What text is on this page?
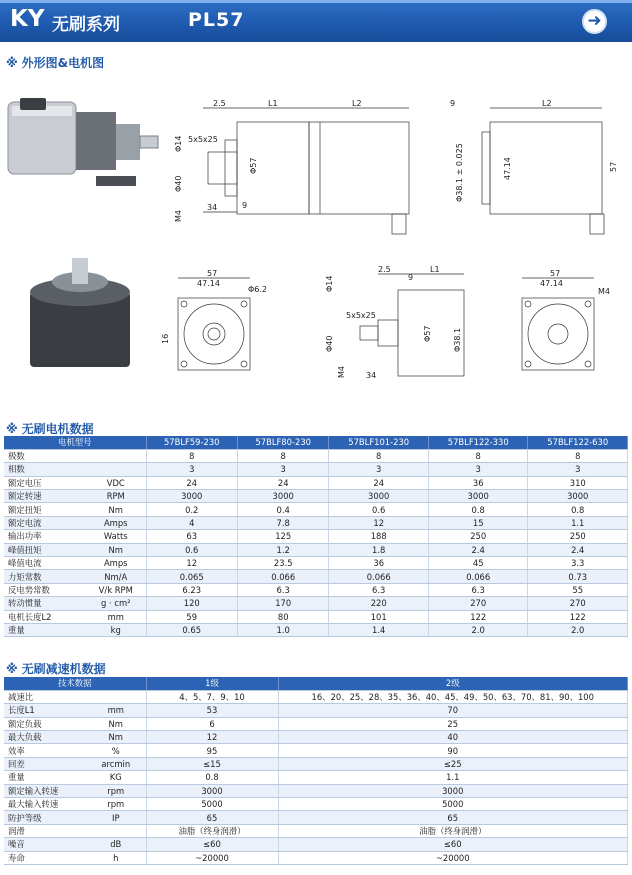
KY 无刷系列	PL57	➜
※ 外形图&电机图
2.5	L1	L2
9
5x5x25
Φ57
Φ14
Φ40
M4
34
9	L2
Φ38.1 ± 0.025	47.14	57
57
47.14
Φ6.2
16
2.5	L1
9
5x5x25
Φ57	Φ38.1
Φ14
Φ40
M4	34
57
47.14
M4
※ 无刷电机数据
电机型号		57BLF59-230	57BLF80-230	57BLF101-230	57BLF122-330	57BLF122-630
极数		8	8	8	8	8
相数		3	3	3	3	3
额定电压	VDC	24	24	24	36	310
额定转速	RPM	3000	3000	3000	3000	3000
额定扭矩	Nm	0.2	0.4	0.6	0.8	0.8
额定电流	Amps	4	7.8	12	15	1.1
输出功率	Watts	63	125	188	250	250
峰值扭矩	Nm	0.6	1.2	1.8	2.4	2.4
峰值电流	Amps	12	23.5	36	45	3.3
力矩常数	Nm/A	0.065	0.066	0.066	0.066	0.73
反电势常数	V/k RPM	6.23	6.3	6.3	6.3	55
转动惯量	g · cm²	120	170	220	270	270
电机长度L2	mm	59	80	101	122	122
重量	kg	0.65	1.0	1.4	2.0	2.0
※ 无刷减速机数据
技术数据		1级	2级
减速比		4、5、7、9、10	16、20、25、28、35、36、40、45、49、50、63、70、81、90、100
长度L1	mm	53	70
额定负载	Nm	6	25
最大负载	Nm	12	40
效率	%	95	90
回差	arcmin	≤15	≤25
重量	KG	0.8	1.1
额定输入转速	rpm	3000	3000
最大输入转速	rpm	5000	5000
防护等级	IP	65	65
润滑		油脂（终身润滑）	油脂（终身润滑）
噪音	dB	≤60	≤60
寿命	h	~20000	~20000
